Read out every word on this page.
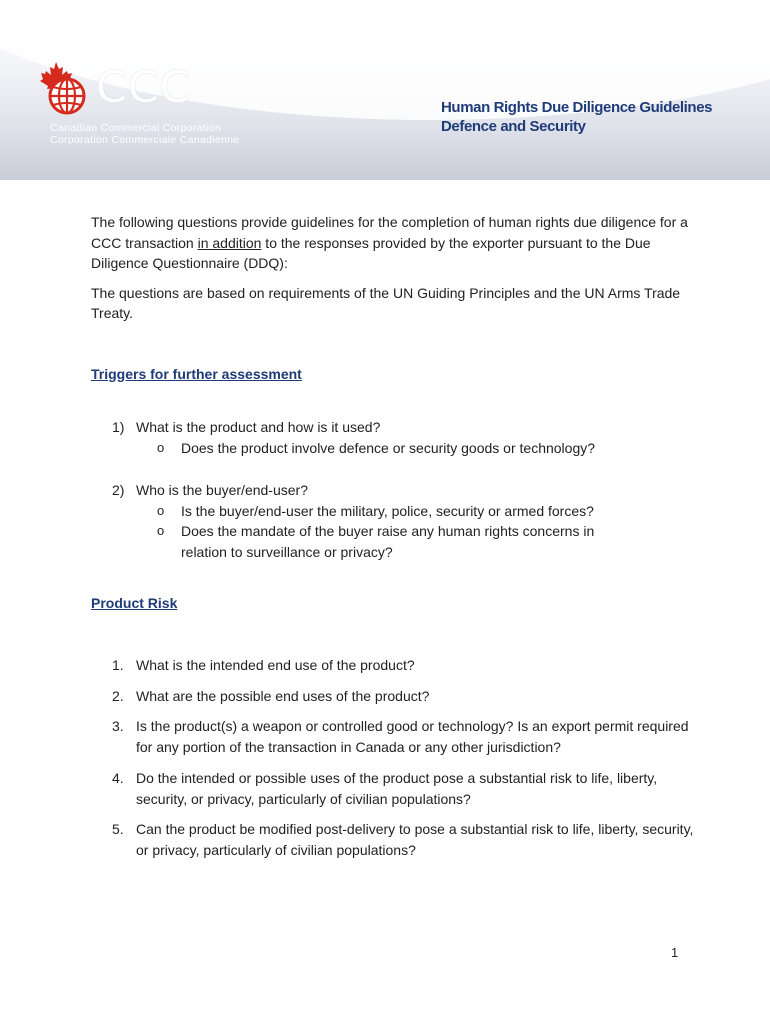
CCC
Canadian Commercial Corporation
Corporation Commerciale Canadienne
Human Rights Due Diligence Guidelines
Defence and Security

The following questions provide guidelines for the completion of human rights due diligence for a CCC transaction in addition to the responses provided by the exporter pursuant to the Due Diligence Questionnaire (DDQ):

The questions are based on requirements of the UN Guiding Principles and the UN Arms Trade Treaty.

Triggers for further assessment
1) What is the product and how is it used?
o Does the product involve defence or security goods or technology?
2) Who is the buyer/end-user?
o Is the buyer/end-user the military, police, security or armed forces?
o Does the mandate of the buyer raise any human rights concerns in relation to surveillance or privacy?
Product Risk
1. What is the intended end use of the product?
2. What are the possible end uses of the product?
3. Is the product(s) a weapon or controlled good or technology? Is an export permit required for any portion of the transaction in Canada or any other jurisdiction?
4. Do the intended or possible uses of the product pose a substantial risk to life, liberty, security, or privacy, particularly of civilian populations?
5. Can the product be modified post-delivery to pose a substantial risk to life, liberty, security, or privacy, particularly of civilian populations?
1
